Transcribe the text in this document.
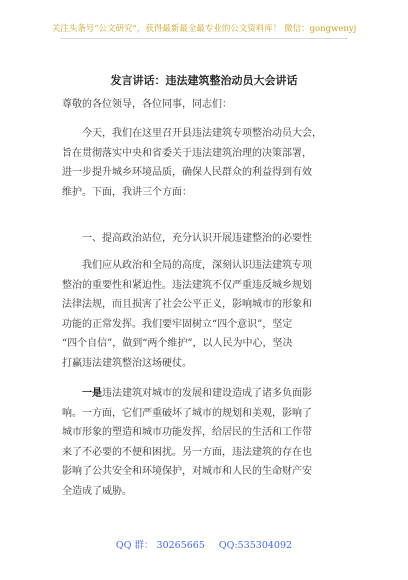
关注头条号“公文研究”，获得最新最全最专业的公文资料库！ 微信：gongwenyj
发言讲话：违法建筑整治动员大会讲话
尊敬的各位领导，各位同事，同志们：
今天，我们在这里召开县违法建筑专项整治动员大会，
旨在贯彻落实中央和省委关于违法建筑治理的决策部署，
进一步提升城乡环境品质，确保人民群众的利益得到有效
维护。下面，我讲三个方面：
一、提高政治站位，充分认识开展违建整治的必要性
我们应从政治和全局的高度，深刻认识违法建筑专项
整治的重要性和紧迫性。违法建筑不仅严重违反城乡规划
法律法规，而且损害了社会公平正义，影响城市的形象和
功能的正常发挥。我们要牢固树立“四个意识”，坚定
“四个自信”，做到“两个维护”，以人民为中心，坚决
打赢违法建筑整治这场硬仗。
一是违法建筑对城市的发展和建设造成了诸多负面影
响。一方面，它们严重破坏了城市的规划和美观，影响了
城市形象的塑造和城市功能发挥，给居民的生活和工作带
来了不必要的不便和困扰。另一方面，违法建筑的存在也
影响了公共安全和环境保护，对城市和人民的生命财产安
全造成了威胁。
QQ 群： 30265665 QQ:535304092
